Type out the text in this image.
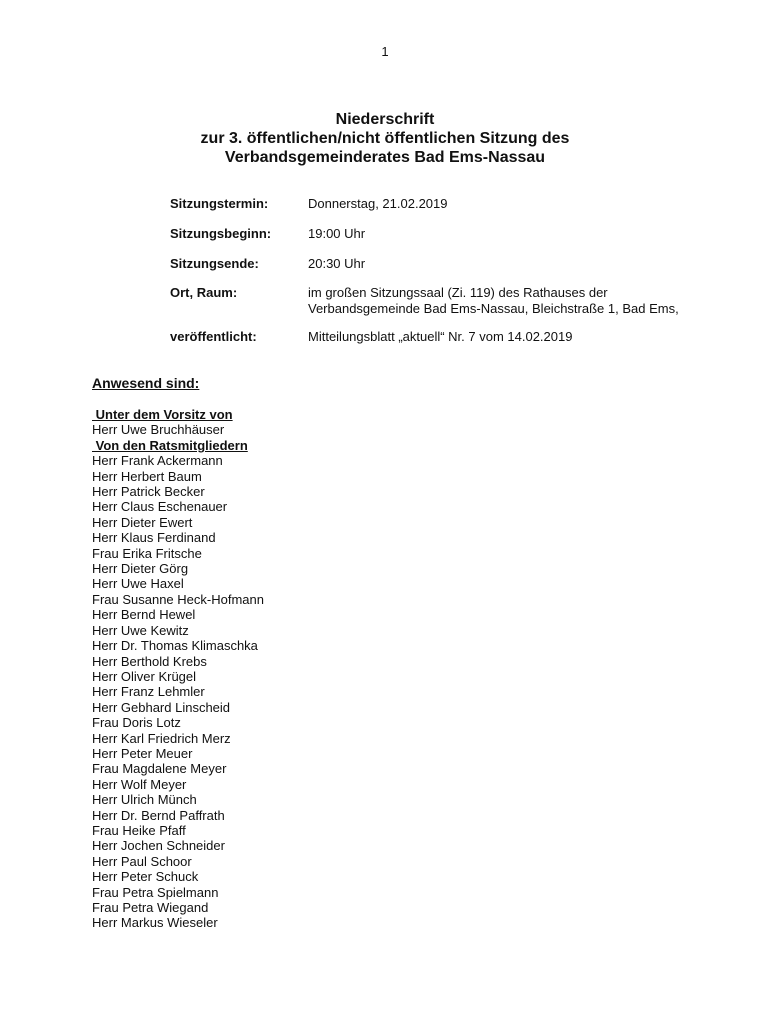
1
Niederschrift
zur 3. öffentlichen/nicht öffentlichen Sitzung des
Verbandsgemeinderates Bad Ems-Nassau
Sitzungstermin:	Donnerstag, 21.02.2019
Sitzungsbeginn:	19:00 Uhr
Sitzungsende:	20:30 Uhr
Ort, Raum:	im großen Sitzungssaal (Zi. 119) des Rathauses der
Verbandsgemeinde Bad Ems-Nassau, Bleichstraße 1, Bad Ems,
veröffentlicht:	Mitteilungsblatt „aktuell“ Nr. 7 vom 14.02.2019
Anwesend sind:
Unter dem Vorsitz von
Herr Uwe Bruchhäuser
Von den Ratsmitgliedern
Herr Frank Ackermann
Herr Herbert Baum
Herr Patrick Becker
Herr Claus Eschenauer
Herr Dieter Ewert
Herr Klaus Ferdinand
Frau Erika Fritsche
Herr Dieter Görg
Herr Uwe Haxel
Frau Susanne Heck-Hofmann
Herr Bernd Hewel
Herr Uwe Kewitz
Herr Dr. Thomas Klimaschka
Herr Berthold Krebs
Herr Oliver Krügel
Herr Franz Lehmler
Herr Gebhard Linscheid
Frau Doris Lotz
Herr Karl Friedrich Merz
Herr Peter Meuer
Frau Magdalene Meyer
Herr Wolf Meyer
Herr Ulrich Münch
Herr Dr. Bernd Paffrath
Frau Heike Pfaff
Herr Jochen Schneider
Herr Paul Schoor
Herr Peter Schuck
Frau Petra Spielmann
Frau Petra Wiegand
Herr Markus Wieseler
